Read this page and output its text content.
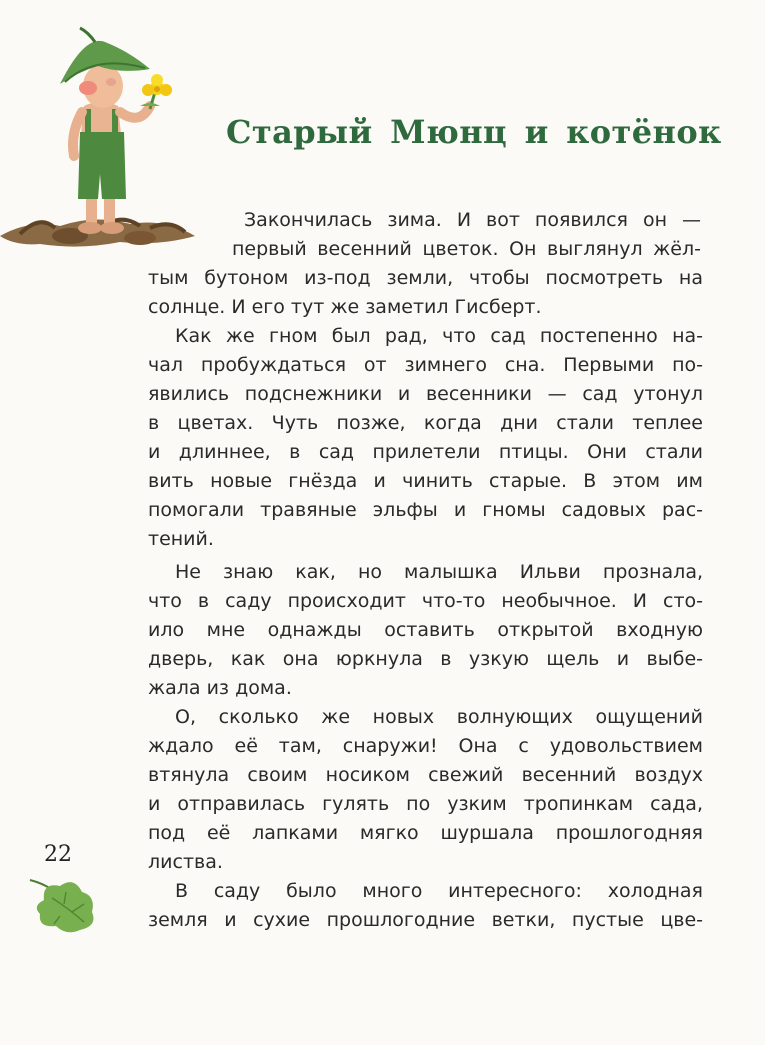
Старый Мюнц и котёнок

Закончилась зима. И вот появился он —

первый весенний цветок. Он выглянул жёл-

тым бутоном из-под земли, чтобы посмотреть на

солнце. И его тут же заметил Гисберт.

Как же гном был рад, что сад постепенно на-

чал пробуждаться от зимнего сна. Первыми по-

явились подснежники и весенники — сад утонул

в цветах. Чуть позже, когда дни стали теплее

и длиннее, в сад прилетели птицы. Они стали

вить новые гнёзда и чинить старые. В этом им

помогали травяные эльфы и гномы садовых рас-

тений.

Не знаю как, но малышка Ильви прознала,

что в саду происходит что-то необычное. И сто-

ило мне однажды оставить открытой входную

дверь, как она юркнула в узкую щель и выбе-

жала из дома.

О, сколько же новых волнующих ощущений

ждало её там, снаружи! Она с удовольствием

втянула своим носиком свежий весенний воздух

и отправилась гулять по узким тропинкам сада,

под её лапками мягко шуршала прошлогодняя

листва.

В саду было много интересного: холодная

земля и сухие прошлогодние ветки, пустые цве-

22
